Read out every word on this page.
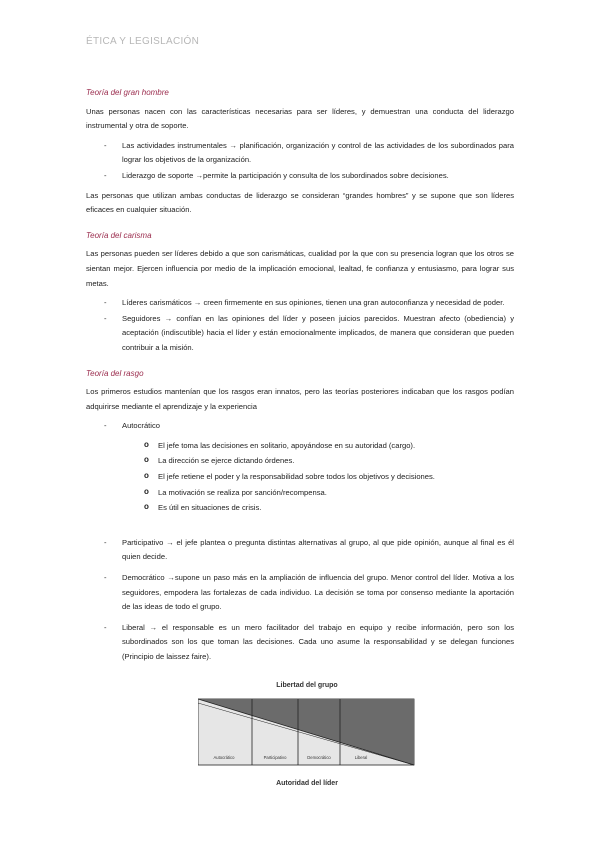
ÉTICA Y LEGISLACIÓN
Teoría del gran hombre

Unas personas nacen con las características necesarias para ser líderes, y demuestran una conducta del liderazgo instrumental y otra de soporte.

- Las actividades instrumentales → planificación, organización y control de las actividades de los subordinados para lograr los objetivos de la organización.
- Liderazgo de soporte →permite la participación y consulta de los subordinados sobre decisiones.

Las personas que utilizan ambas conductas de liderazgo se consideran “grandes hombres” y se supone que son líderes eficaces en cualquier situación.

Teoría del carisma

Las personas pueden ser líderes debido a que son carismáticas, cualidad por la que con su presencia logran que los otros se sientan mejor. Ejercen influencia por medio de la implicación emocional, lealtad, fe confianza y entusiasmo, para lograr sus metas.

- Líderes carismáticos → creen firmemente en sus opiniones, tienen una gran autoconfianza y necesidad de poder.
- Seguidores → confían en las opiniones del líder y poseen juicios parecidos. Muestran afecto (obediencia) y aceptación (indiscutible) hacia el líder y están emocionalmente implicados, de manera que consideran que pueden contribuir a la misión.
Teoría del rasgo

Los primeros estudios mantenían que los rasgos eran innatos, pero las teorías posteriores indicaban que los rasgos podían adquirirse mediante el aprendizaje y la experiencia

- Autocrático
o El jefe toma las decisiones en solitario, apoyándose en su autoridad (cargo).
o La dirección se ejerce dictando órdenes.
o El jefe retiene el poder y la responsabilidad sobre todos los objetivos y decisiones.
o La motivación se realiza por sanción/recompensa.
o Es útil en situaciones de crisis.
- Participativo → el jefe plantea o pregunta distintas alternativas al grupo, al que pide opinión, aunque al final es él quien decide.
- Democrático →supone un paso más en la ampliación de influencia del grupo. Menor control del líder. Motiva a los seguidores, empodera las fortalezas de cada individuo. La decisión se toma por consenso mediante la aportación de las ideas de todo el grupo.
- Liberal → el responsable es un mero facilitador del trabajo en equipo y recibe información, pero son los subordinados son los que toman las decisiones. Cada uno asume la responsabilidad y se delegan funciones (Principio de laissez faire).
Libertad del grupo
Autocrático	Participativo	Democrático	Liberal
Autoridad del líder
